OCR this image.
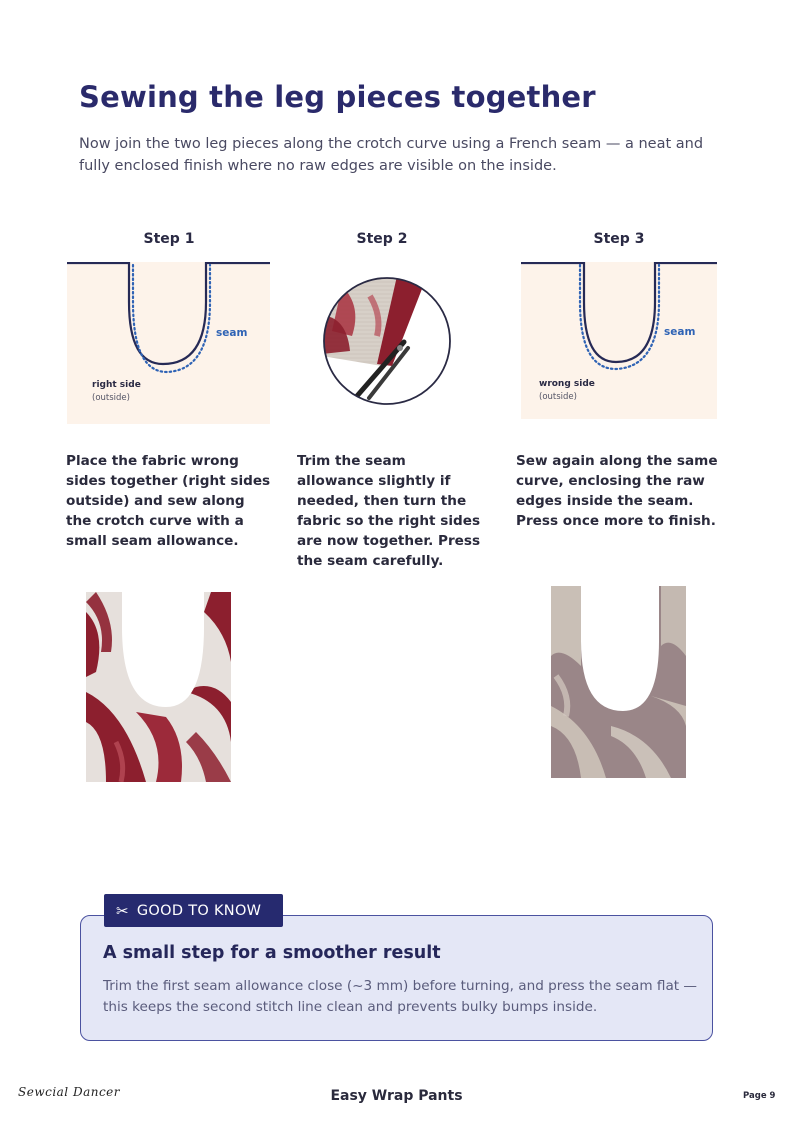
Sewing the leg pieces together
Now join the two leg pieces along the crotch curve using a French seam — a neat and fully enclosed finish where no raw edges are visible on the inside.
Step 1	Step 2	Step 3
seam
right side
(outside)
seam
wrong side
(outside)
Place the fabric wrong sides together (right sides outside) and sew along the crotch curve with a small seam allowance.
Trim the seam allowance slightly if needed, then turn the fabric so the right sides are now together. Press the seam carefully.
Sew again along the same curve, enclosing the raw edges inside the seam. Press once more to finish.
✂ GOOD TO KNOW
A small step for a smoother result
Trim the first seam allowance close (~3 mm) before turning, and press the seam flat — this keeps the second stitch line clean and prevents bulky bumps inside.
Sewcial Dancer	Easy Wrap Pants	Page 9
